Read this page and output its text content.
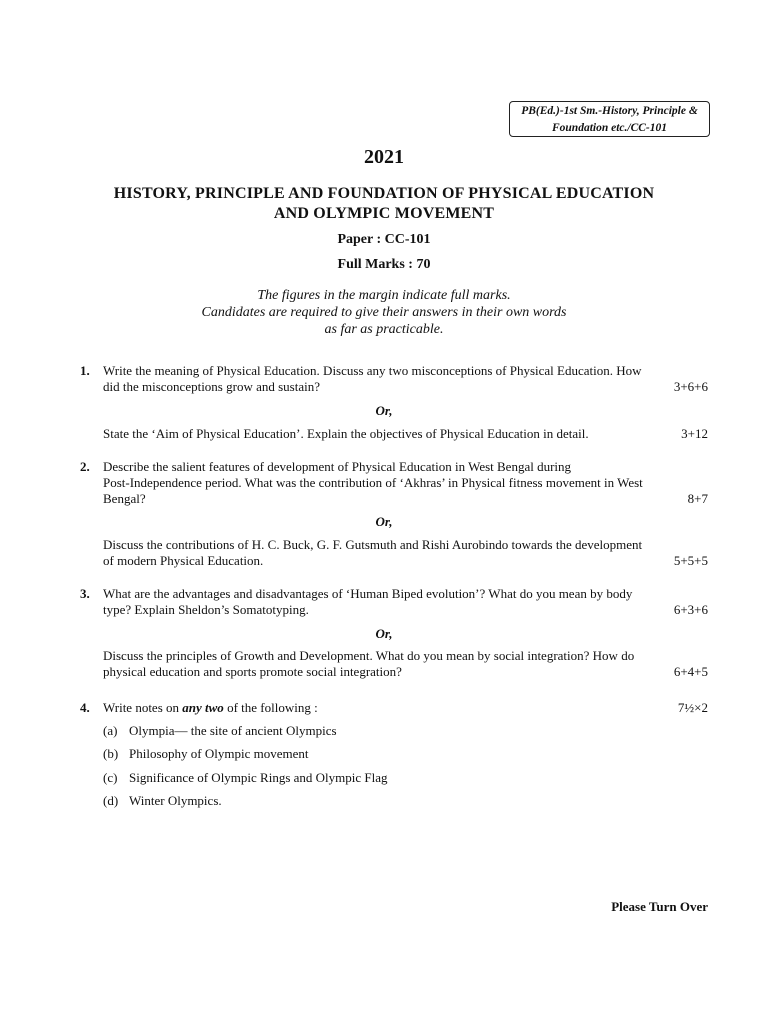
PB(Ed.)-1st Sm.-History, Principle &
Foundation etc./CC-101
2021
HISTORY, PRINCIPLE AND FOUNDATION OF PHYSICAL EDUCATION
AND OLYMPIC MOVEMENT
Paper : CC-101
Full Marks : 70
The figures in the margin indicate full marks.
Candidates are required to give their answers in their own words
as far as practicable.
1.	Write the meaning of Physical Education. Discuss any two misconceptions of Physical Education. How
did the misconceptions grow and sustain?	3+6+6
Or,
State the ‘Aim of Physical Education’. Explain the objectives of Physical Education in detail.	3+12
2.	Describe the salient features of development of Physical Education in West Bengal during
Post-Independence period. What was the contribution of ‘Akhras’ in Physical fitness movement in West
Bengal?	8+7
Or,
Discuss the contributions of H. C. Buck, G. F. Gutsmuth and Rishi Aurobindo towards the development
of modern Physical Education.	5+5+5
3.	What are the advantages and disadvantages of ‘Human Biped evolution’? What do you mean by body
type? Explain Sheldon’s Somatotyping.	6+3+6
Or,
Discuss the principles of Growth and Development. What do you mean by social integration? How do
physical education and sports promote social integration?	6+4+5
4.	Write notes on any two of the following :	7½×2
(a) Olympia— the site of ancient Olympics
(b) Philosophy of Olympic movement
(c) Significance of Olympic Rings and Olympic Flag
(d) Winter Olympics.
Please Turn Over
